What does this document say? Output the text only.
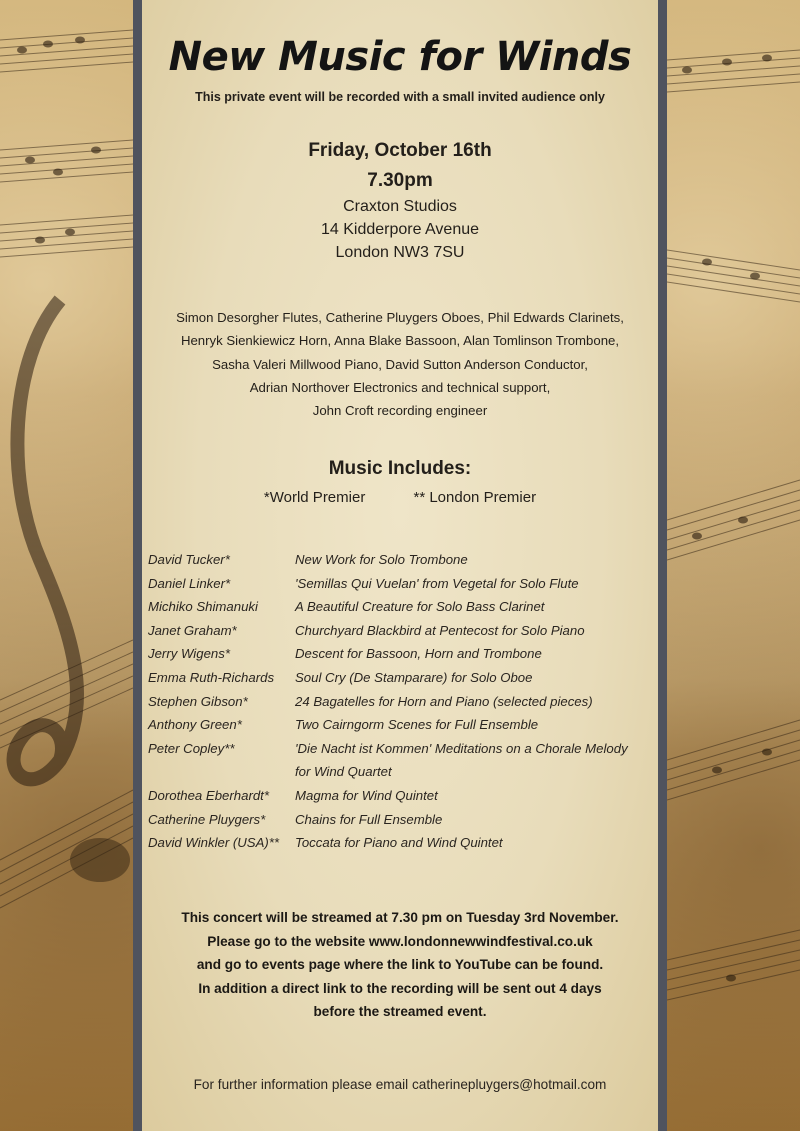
New Music for Winds
This private event will be recorded with a small invited audience only
Friday, October 16th
7.30pm
Craxton Studios
14 Kidderpore Avenue
London NW3 7SU
Simon Desorgher Flutes, Catherine Pluygers Oboes, Phil Edwards Clarinets,
Henryk Sienkiewicz Horn, Anna Blake Bassoon, Alan Tomlinson Trombone,
Sasha Valeri Millwood Piano, David Sutton Anderson Conductor,
Adrian Northover Electronics and technical support,
John Croft recording engineer
Music Includes:
*World Premier	** London Premier
David Tucker*	New Work for Solo Trombone
Daniel Linker*	'Semillas Qui Vuelan' from Vegetal for Solo Flute
Michiko Shimanuki	A Beautiful Creature for Solo Bass Clarinet
Janet Graham*	Churchyard Blackbird at Pentecost for Solo Piano
Jerry Wigens*	Descent for Bassoon, Horn and Trombone
Emma Ruth-Richards	Soul Cry (De Stamparare) for Solo Oboe
Stephen Gibson*	24 Bagatelles for Horn and Piano (selected pieces)
Anthony Green*	Two Cairngorm Scenes for Full Ensemble
Peter Copley**	'Die Nacht ist Kommen' Meditations on a Chorale Melody
for Wind Quartet
Dorothea Eberhardt*	Magma for Wind Quintet
Catherine Pluygers*	Chains for Full Ensemble
David Winkler (USA)**	Toccata for Piano and Wind Quintet
This concert will be streamed at 7.30 pm on Tuesday 3rd November.
Please go to the website www.londonnewwindfestival.co.uk
and go to events page where the link to YouTube can be found.
In addition a direct link to the recording will be sent out 4 days
before the streamed event.
For further information please email catherinepluygers@hotmail.com
